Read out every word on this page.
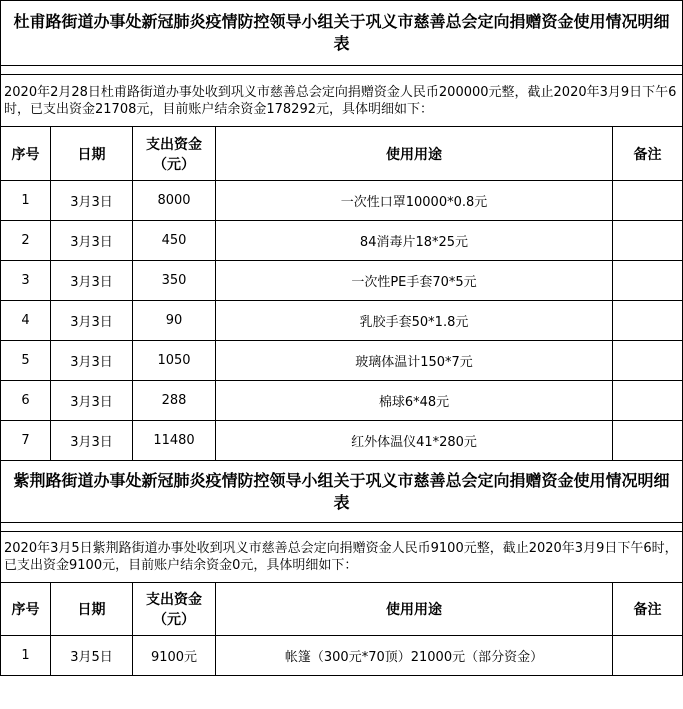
杜甫路街道办事处新冠肺炎疫情防控领导小组关于巩义市慈善总会定向捐赠资金使用情况明细表				

2020年2月28日杜甫路街道办事处收到巩义市慈善总会定向捐赠资金人民币200000元整，截止2020年3月9日下午6时，已支出资金21708元，目前账户结余资金178292元，具体明细如下：				
序号	日期	支出资金（元）	使用用途	备注
1	3月3日	8000	一次性口罩10000*0.8元	
2	3月3日	450	84消毒片18*25元	
3	3月3日	350	一次性PE手套70*5元	
4	3月3日	90	乳胶手套50*1.8元	
5	3月3日	1050	玻璃体温计150*7元	
6	3月3日	288	棉球6*48元	
7	3月3日	11480	红外体温仪41*280元	
紫荆路街道办事处新冠肺炎疫情防控领导小组关于巩义市慈善总会定向捐赠资金使用情况明细表				

2020年3月5日紫荆路街道办事处收到巩义市慈善总会定向捐赠资金人民币9100元整，截止2020年3月9日下午6时，已支出资金9100元，目前账户结余资金0元，具体明细如下：				
序号	日期	支出资金（元）	使用用途	备注
1	3月5日	9100元	帐篷（300元*70顶）21000元（部分资金）	
